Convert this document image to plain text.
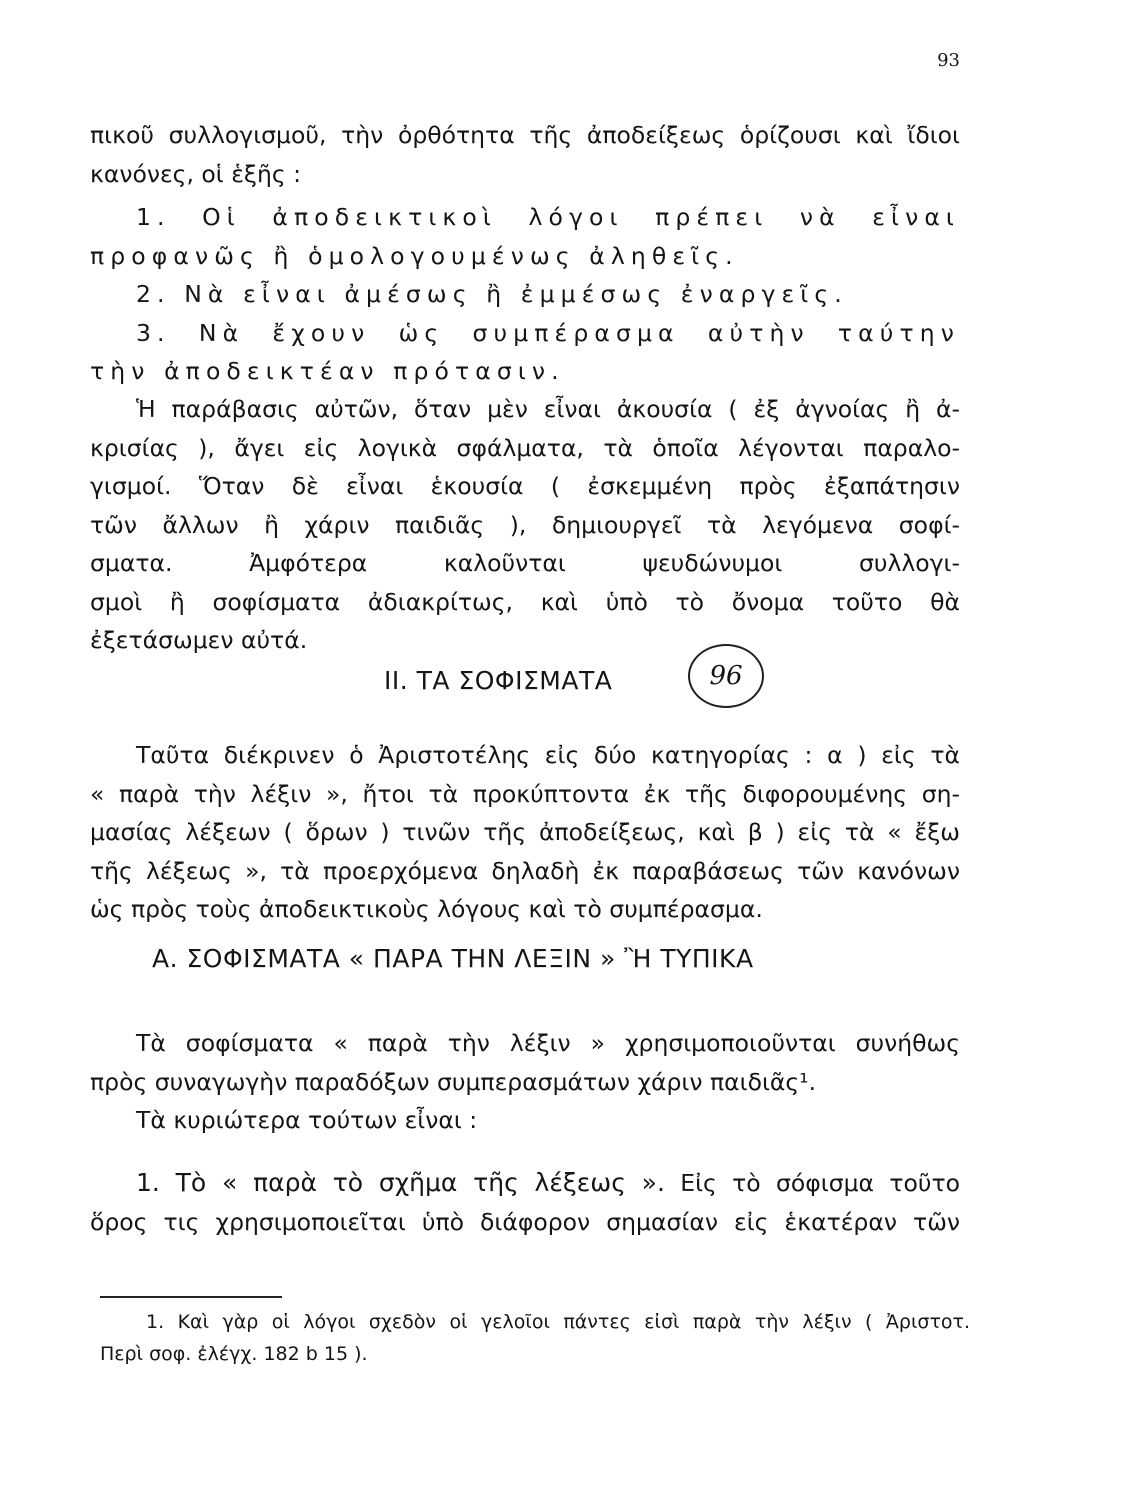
93

πικοῦ συλλογισμοῦ, τὴν ὀρθότητα τῆς ἀποδείξεως ὁρίζουσι καὶ ἴδιοι

κανόνες, οἱ ἑξῆς :

1. Οἱ ἀποδεικτικοὶ λόγοι πρέπει νὰ εἶναι

προφανῶς ἢ ὁμολογουμένως ἀληθεῖς.

2. Νὰ εἶναι ἀμέσως ἢ ἐμμέσως ἐναργεῖς.

3. Νὰ ἔχουν ὡς συμπέρασμα αὐτὴν ταύτην

τὴν ἀποδεικτέαν πρότασιν.

Ἡ παράβασις αὐτῶν, ὅταν μὲν εἶναι ἀκουσία ( ἐξ ἀγνοίας ἢ ἀ-

κρισίας ), ἄγει εἰς λογικὰ σφάλματα, τὰ ὁποῖα λέγονται παραλο-

γισμοί. Ὅταν δὲ εἶναι ἑκουσία ( ἐσκεμμένη πρὸς ἐξαπάτησιν

τῶν ἄλλων ἢ χάριν παιδιᾶς ), δημιουργεῖ τὰ λεγόμενα σοφί-

σματα. Ἀμφότερα καλοῦνται ψευδώνυμοι συλλογι-

σμοὶ ἢ σοφίσματα ἀδιακρίτως, καὶ ὑπὸ τὸ ὄνομα τοῦτο θὰ

ἐξετάσωμεν αὐτά.

II. ΤΑ ΣΟΦΙΣΜΑΤΑ	96

Ταῦτα διέκρινεν ὁ Ἀριστοτέλης εἰς δύο κατηγορίας : α ) εἰς τὰ

« παρὰ τὴν λέξιν », ἤτοι τὰ προκύπτοντα ἐκ τῆς διφορουμένης ση-

μασίας λέξεων ( ὅρων ) τινῶν τῆς ἀποδείξεως, καὶ β ) εἰς τὰ « ἔξω

τῆς λέξεως », τὰ προερχόμενα δηλαδὴ ἐκ παραβάσεως τῶν κανόνων

ὡς πρὸς τοὺς ἀποδεικτικοὺς λόγους καὶ τὸ συμπέρασμα.

Α. ΣΟΦΙΣΜΑΤΑ « ΠΑΡΑ ΤΗΝ ΛΕΞΙΝ » Ἢ ΤΥΠΙΚΑ

Τὰ σοφίσματα « παρὰ τὴν λέξιν » χρησιμοποιοῦνται συνήθως

πρὸς συναγωγὴν παραδόξων συμπερασμάτων χάριν παιδιᾶς¹.

Τὰ κυριώτερα τούτων εἶναι :

1. Τὸ « παρὰ τὸ σχῆμα τῆς λέξεως ». Εἰς τὸ σόφισμα τοῦτο

ὅρος τις χρησιμοποιεῖται ὑπὸ διάφορον σημασίαν εἰς ἑκατέραν τῶν

1. Καὶ γὰρ οἱ λόγοι σχεδὸν οἱ γελοῖοι πάντες εἰσὶ παρὰ τὴν λέξιν ( Ἀριστοτ.

Περὶ σοφ. ἐλέγχ. 182 b 15 ).
